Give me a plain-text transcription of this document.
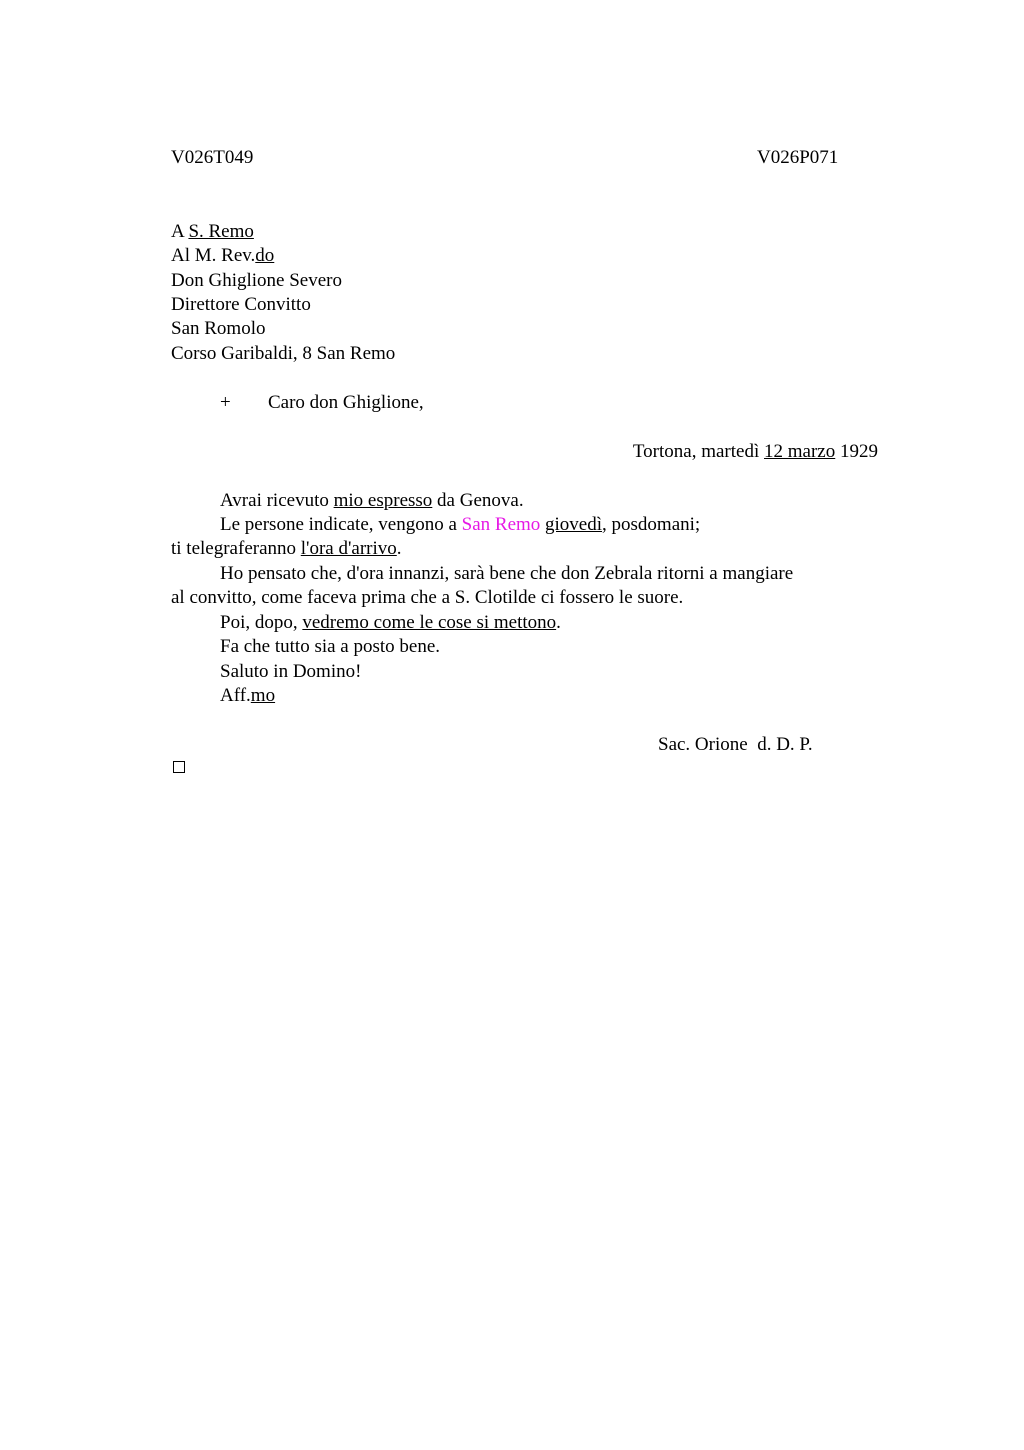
V026T049	V026P071
A S. Remo
Al M. Rev.do
Don Ghiglione Severo
Direttore Convitto
San Romolo
Corso Garibaldi, 8 San Remo
+ Caro don Ghiglione,
Tortona, martedì 12 marzo 1929
Avrai ricevuto mio espresso da Genova.
Le persone indicate, vengono a San Remo giovedì, posdomani;
ti telegraferanno l'ora d'arrivo.
Ho pensato che, d'ora innanzi, sarà bene che don Zebrala ritorni a mangiare
al convitto, come faceva prima che a S. Clotilde ci fossero le suore.
Poi, dopo, vedremo come le cose si mettono.
Fa che tutto sia a posto bene.
Saluto in Domino!
Aff.mo
Sac. Orione  d. D. P.
